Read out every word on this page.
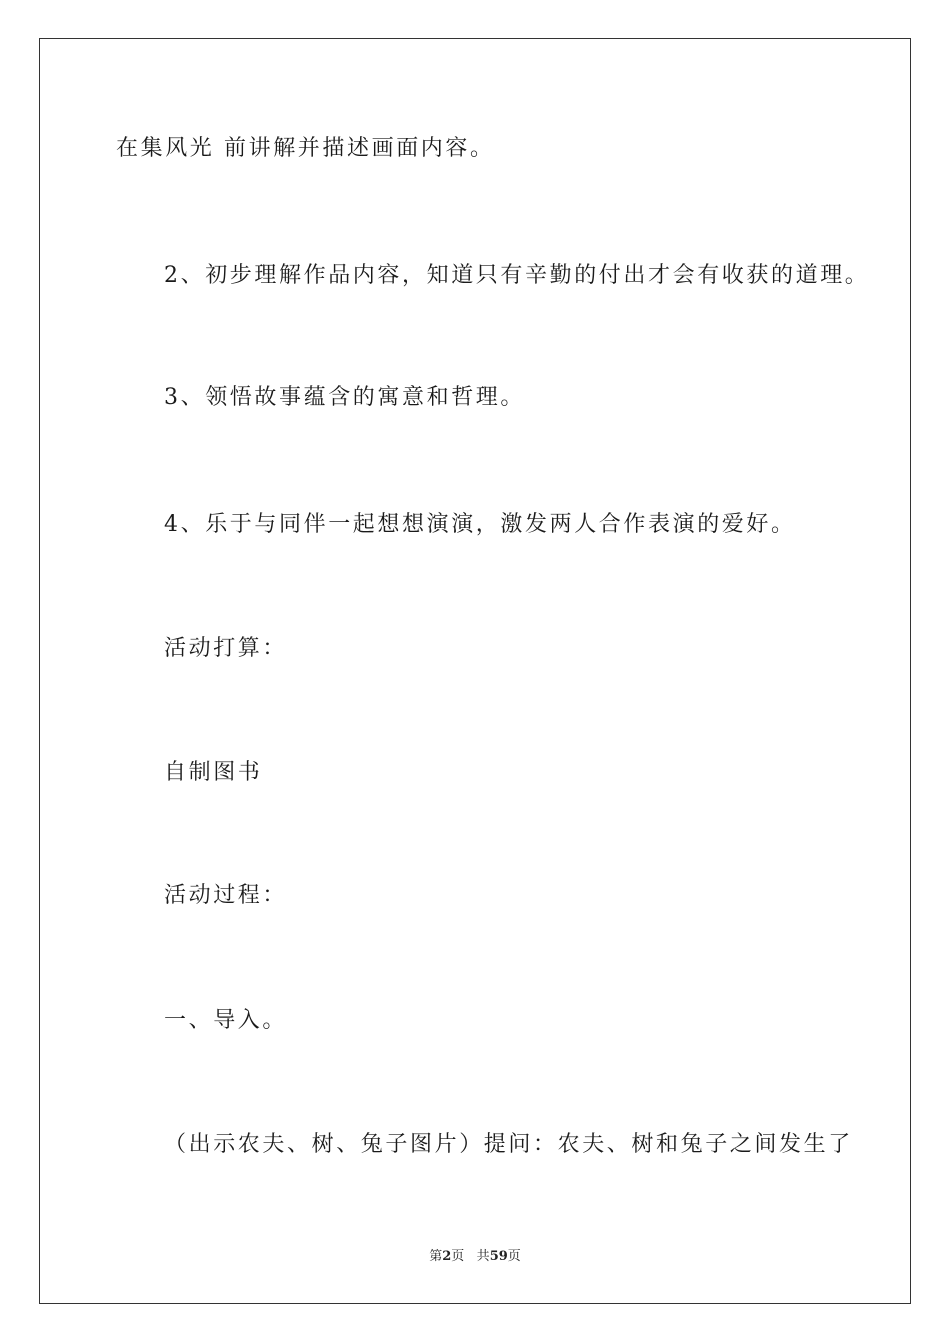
在集风光 前讲解并描述画面内容。

2、初步理解作品内容，知道只有辛勤的付出才会有收获的道理。

3、领悟故事蕴含的寓意和哲理。

4、乐于与同伴一起想想演演，激发两人合作表演的爱好。

活动打算：

自制图书

活动过程：

一、导入。

（出示农夫、树、兔子图片）提问：农夫、树和兔子之间发生了

第2页 共59页
